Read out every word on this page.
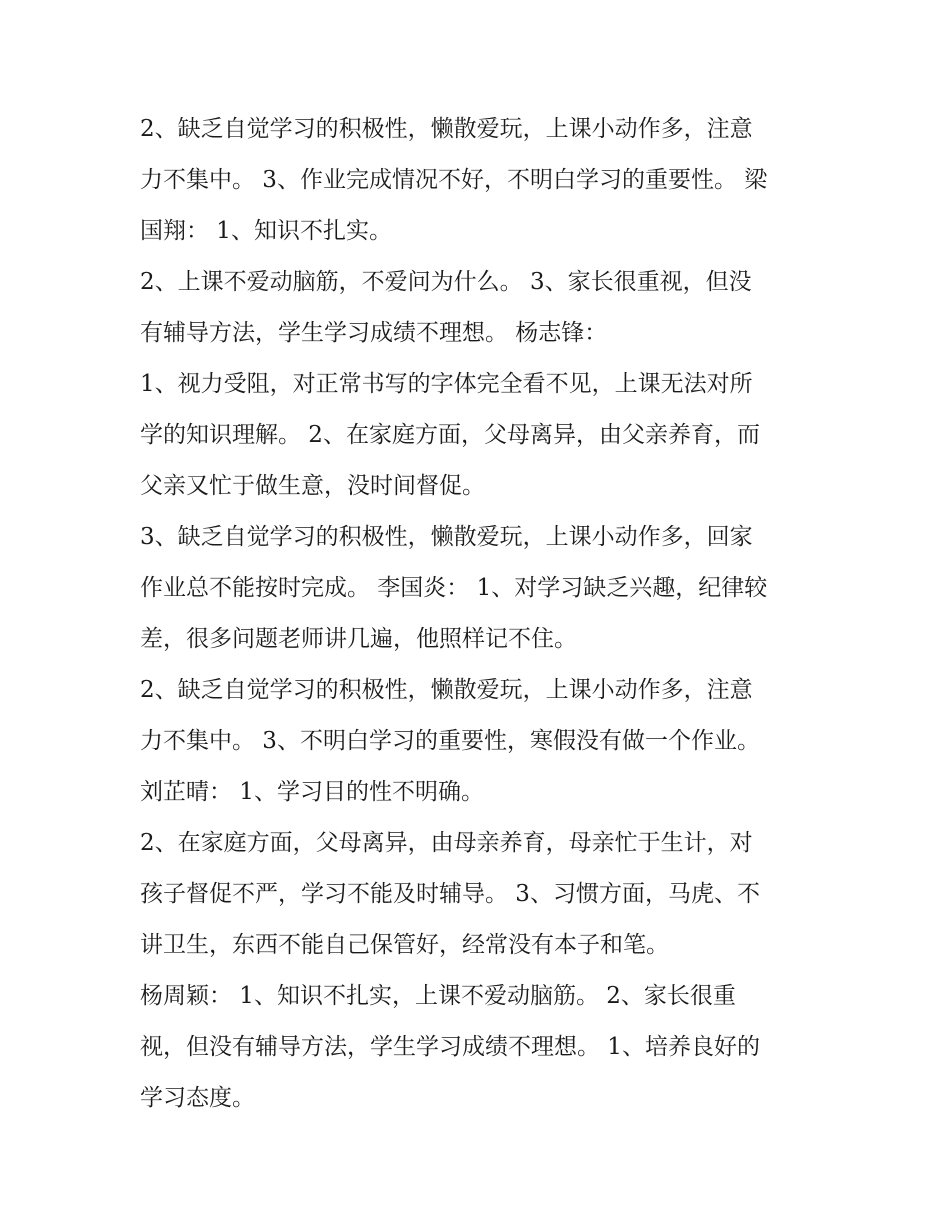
2、缺乏自觉学习的积极性，懒散爱玩，上课小动作多，注意

力不集中。 3、作业完成情况不好，不明白学习的重要性。 梁

国翔： 1、知识不扎实。

2、上课不爱动脑筋，不爱问为什么。 3、家长很重视，但没

有辅导方法，学生学习成绩不理想。 杨志锋：

1、视力受阻，对正常书写的字体完全看不见，上课无法对所

学的知识理解。 2、在家庭方面，父母离异，由父亲养育，而

父亲又忙于做生意，没时间督促。

3、缺乏自觉学习的积极性，懒散爱玩，上课小动作多，回家

作业总不能按时完成。 李国炎： 1、对学习缺乏兴趣，纪律较

差，很多问题老师讲几遍，他照样记不住。

2、缺乏自觉学习的积极性，懒散爱玩，上课小动作多，注意

力不集中。 3、不明白学习的重要性，寒假没有做一个作业。

刘芷晴： 1、学习目的性不明确。

2、在家庭方面，父母离异，由母亲养育，母亲忙于生计，对

孩子督促不严，学习不能及时辅导。 3、习惯方面，马虎、不

讲卫生，东西不能自己保管好，经常没有本子和笔。

杨周颖： 1、知识不扎实，上课不爱动脑筋。 2、家长很重

视，但没有辅导方法，学生学习成绩不理想。 1、培养良好的

学习态度。
